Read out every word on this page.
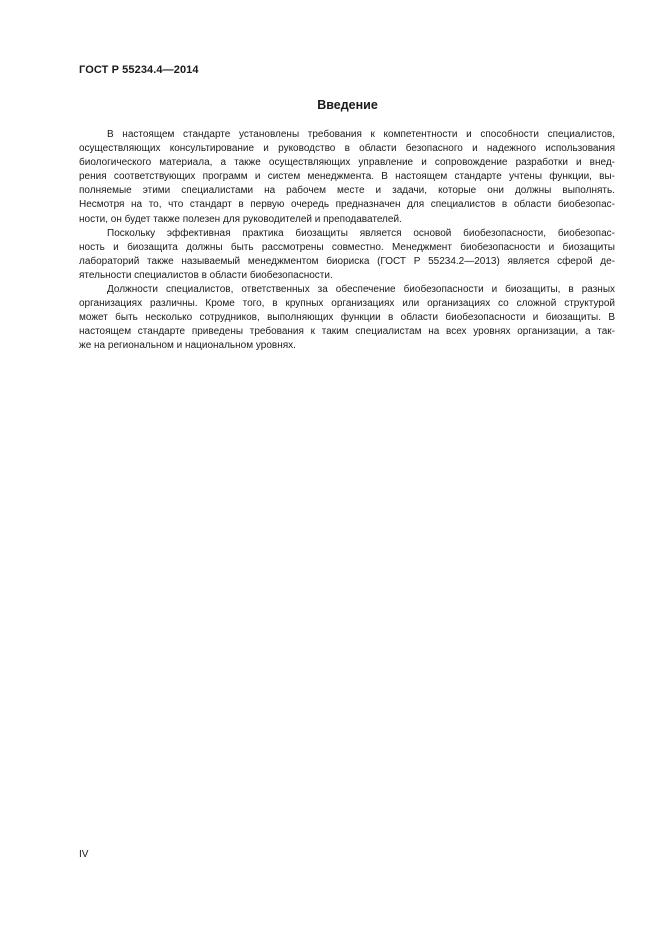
ГОСТ Р 55234.4—2014
Введение
В настоящем стандарте установлены требования к компетентности и способности специалистов,
осуществляющих консультирование и руководство в области безопасного и надежного использования
биологического материала, а также осуществляющих управление и сопровождение разработки и внед-
рения соответствующих программ и систем менеджмента. В настоящем стандарте учтены функции, вы-
полняемые этими специалистами на рабочем месте и задачи, которые они должны выполнять.
Несмотря на то, что стандарт в первую очередь предназначен для специалистов в области биобезопас-
ности, он будет также полезен для руководителей и преподавателей.
Поскольку эффективная практика биозащиты является основой биобезопасности, биобезопас-
ность и биозащита должны быть рассмотрены совместно. Менеджмент биобезопасности и биозащиты
лабораторий также называемый менеджментом биориска (ГОСТ Р 55234.2—2013) является сферой де-
ятельности специалистов в области биобезопасности.
Должности специалистов, ответственных за обеспечение биобезопасности и биозащиты, в разных
организациях различны. Кроме того, в крупных организациях или организациях со сложной структурой
может быть несколько сотрудников, выполняющих функции в области биобезопасности и биозащиты. В
настоящем стандарте приведены требования к таким специалистам на всех уровнях организации, а так-
же на региональном и национальном уровнях.
IV
